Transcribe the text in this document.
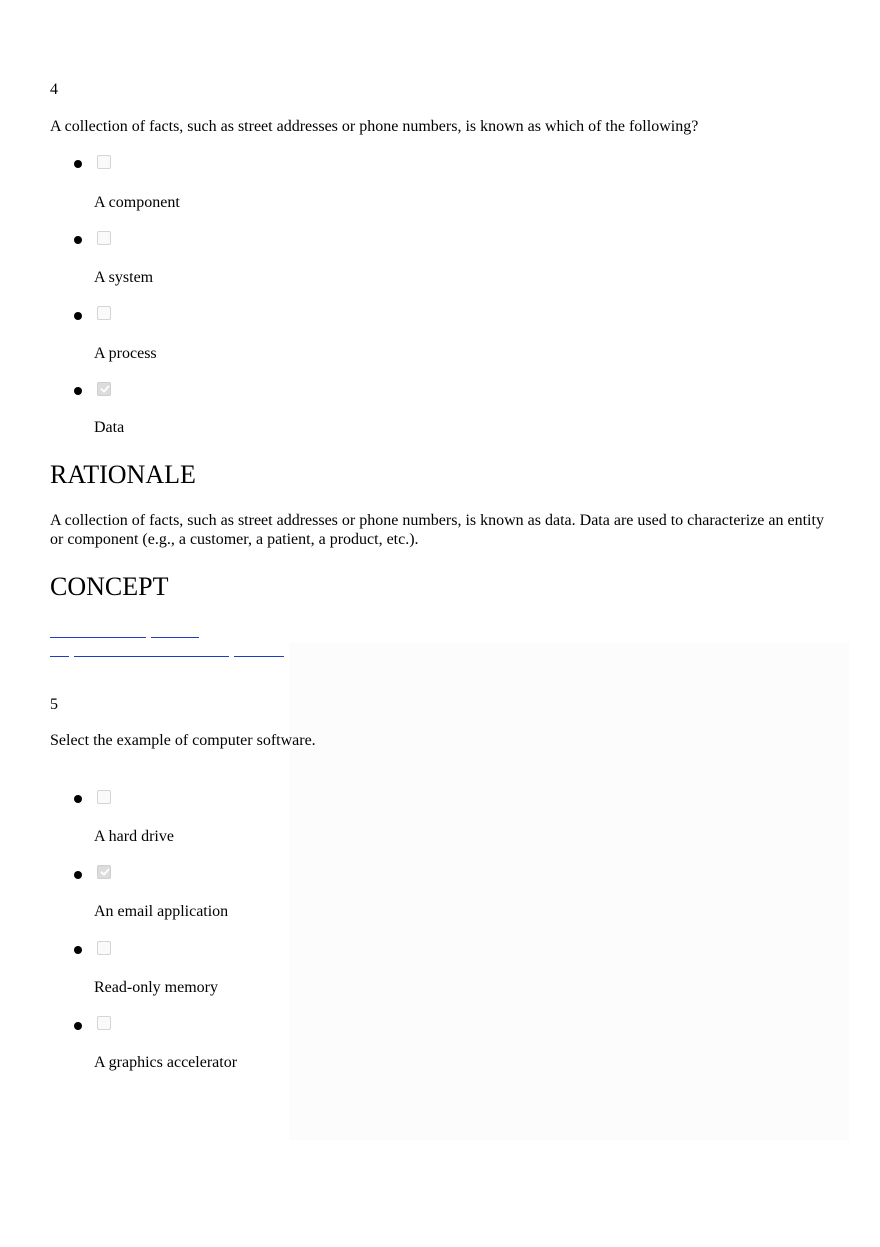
4

A collection of facts, such as street addresses or phone numbers, is known as which of the following?

A component

A system

A process

Data

RATIONALE

A collection of facts, such as street addresses or phone numbers, is known as data. Data are used to characterize an entity or component (e.g., a customer, a patient, a product, etc.).

CONCEPT

5

Select the example of computer software.

A hard drive

An email application

Read-only memory

A graphics accelerator
